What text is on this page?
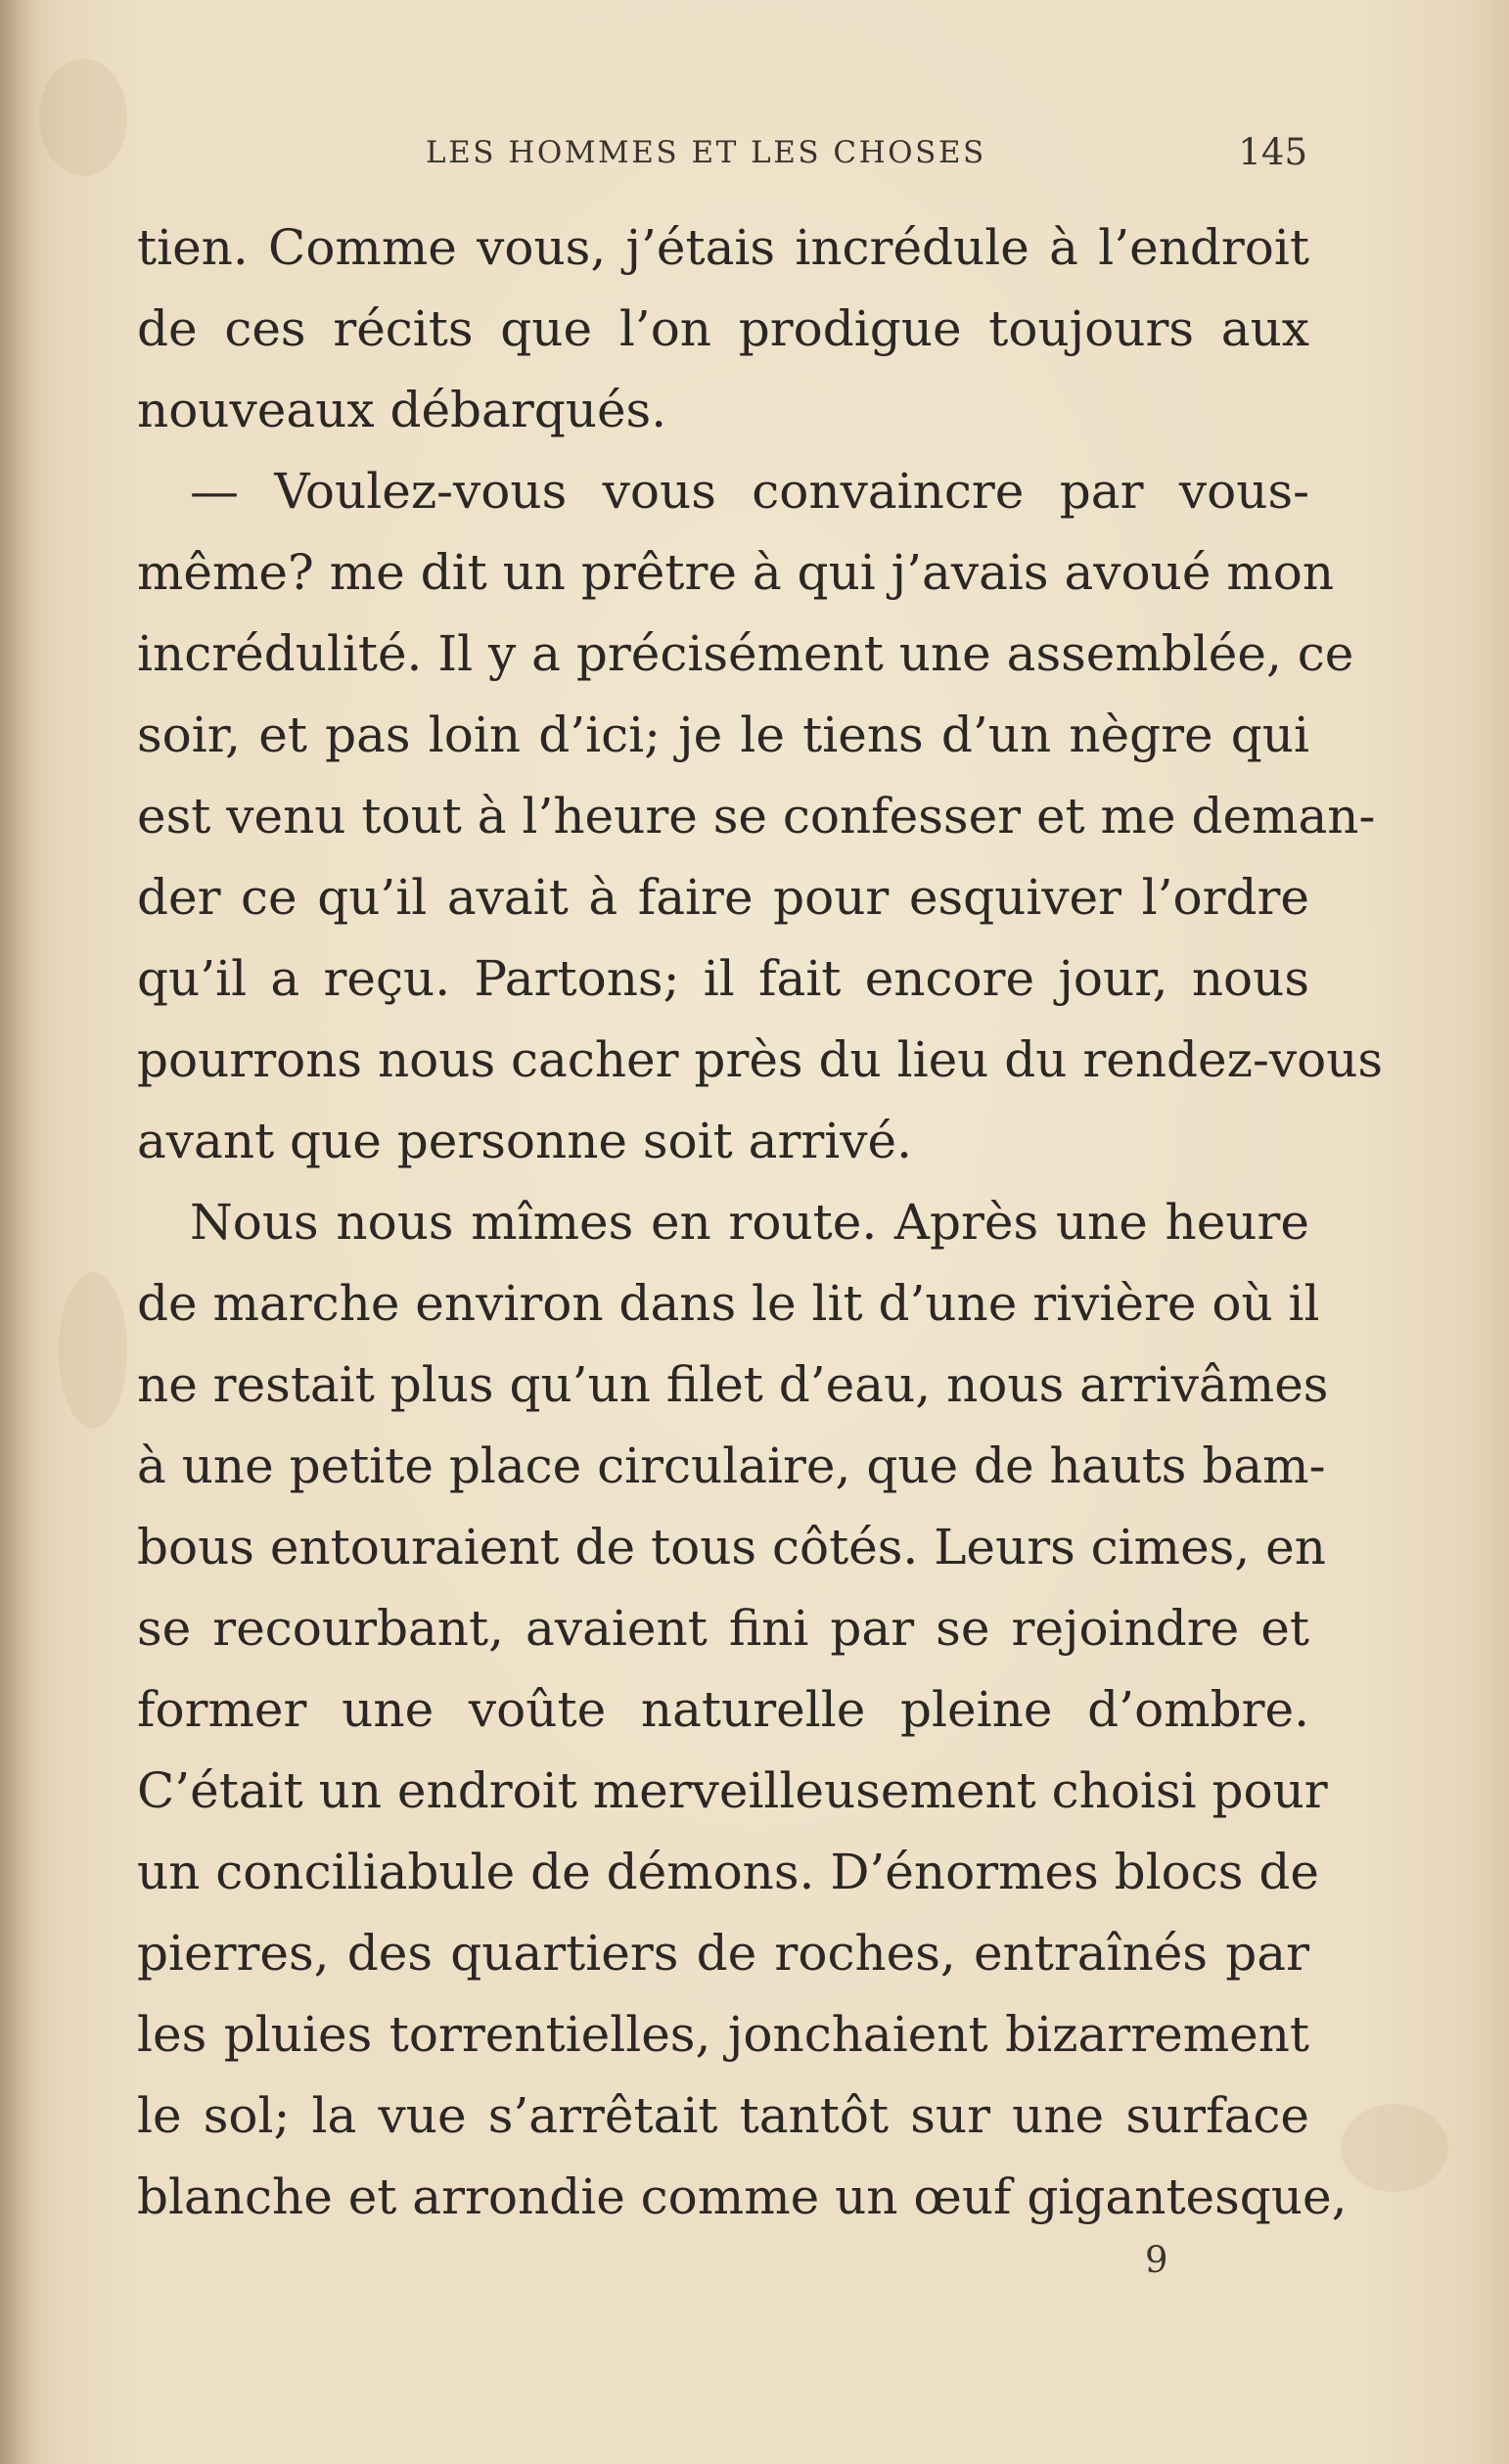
LES HOMMES ET LES CHOSES	145
tien. Comme vous, j’étais incrédule à l’endroit
de ces récits que l’on prodigue toujours aux
nouveaux débarqués.
— Voulez-vous vous convaincre par vous-
même? me dit un prêtre à qui j’avais avoué mon
incrédulité. Il y a précisément une assemblée, ce
soir, et pas loin d’ici; je le tiens d’un nègre qui
est venu tout à l’heure se confesser et me deman-
der ce qu’il avait à faire pour esquiver l’ordre
qu’il a reçu. Partons; il fait encore jour, nous
pourrons nous cacher près du lieu du rendez-vous
avant que personne soit arrivé.
Nous nous mîmes en route. Après une heure
de marche environ dans le lit d’une rivière où il
ne restait plus qu’un filet d’eau, nous arrivâmes
à une petite place circulaire, que de hauts bam-
bous entouraient de tous côtés. Leurs cimes, en
se recourbant, avaient fini par se rejoindre et
former une voûte naturelle pleine d’ombre.
C’était un endroit merveilleusement choisi pour
un conciliabule de démons. D’énormes blocs de
pierres, des quartiers de roches, entraînés par
les pluies torrentielles, jonchaient bizarrement
le sol; la vue s’arrêtait tantôt sur une surface
blanche et arrondie comme un œuf gigantesque,
9
